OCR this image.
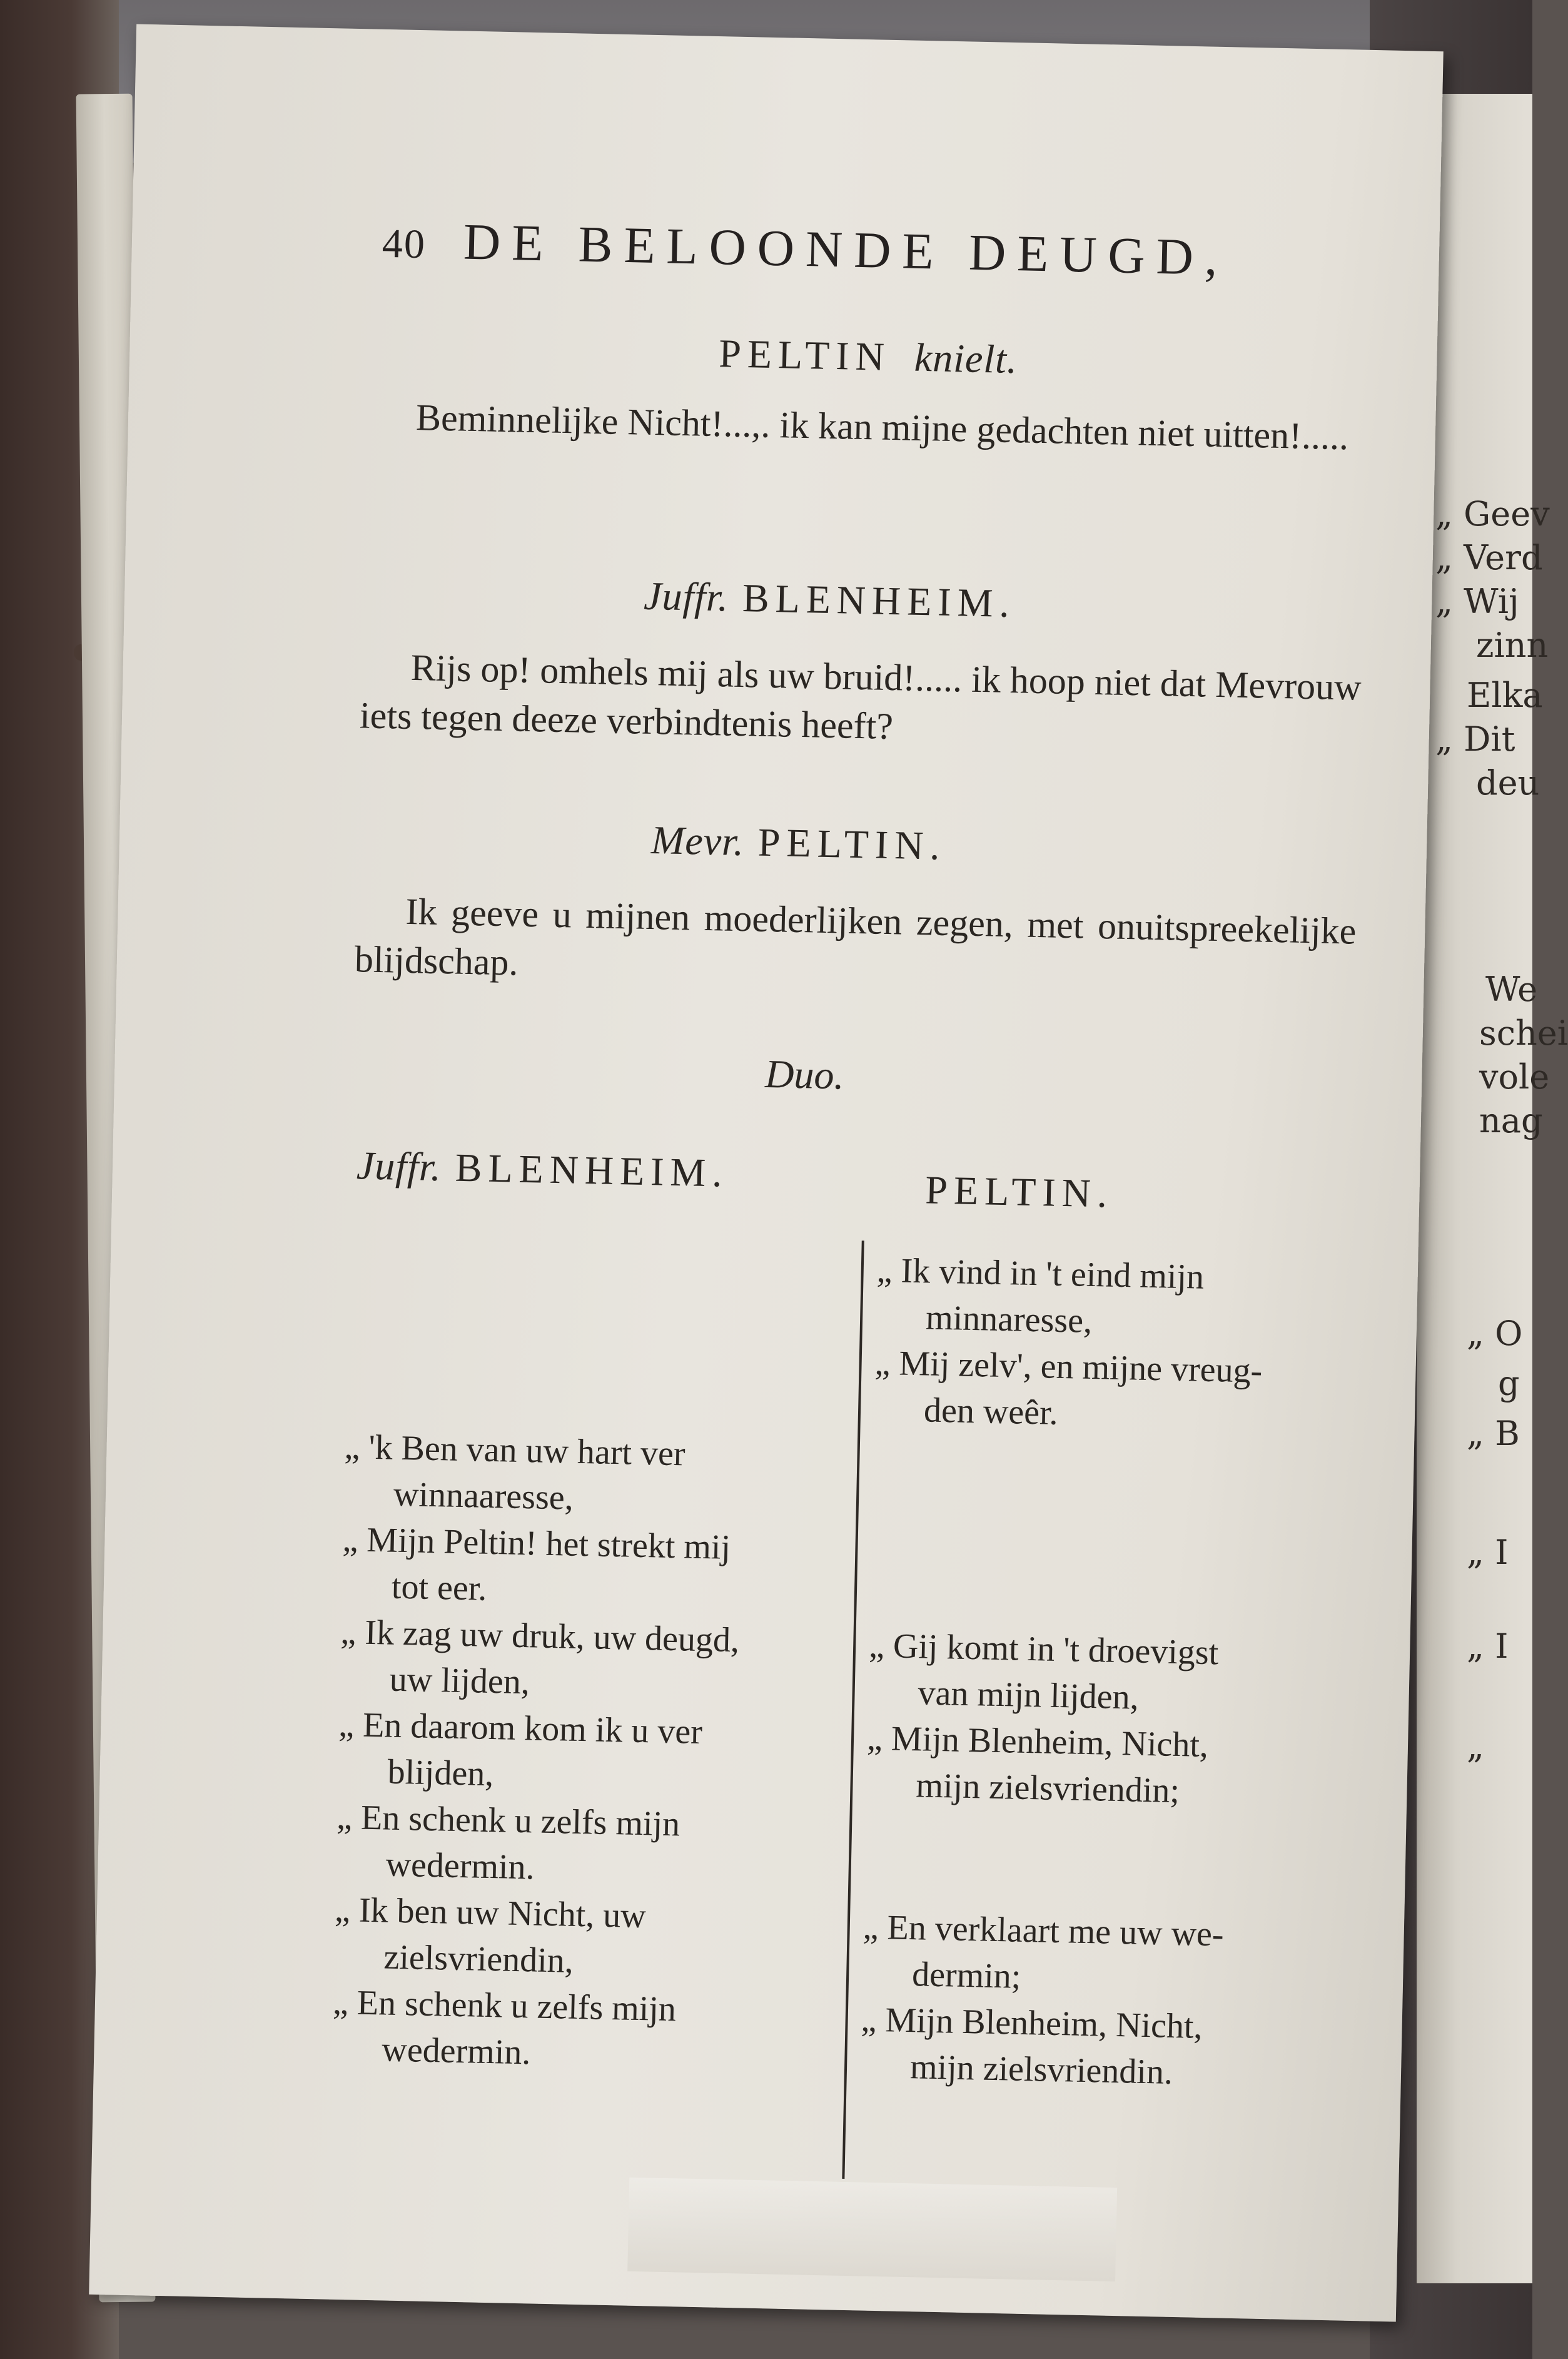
„ Geev
„ Verd
„ Wij
zinn
Elka
„ Dit
deu
We
schei
vole
nag
„ O
g
„ B
„ I
„ I
„
40 DE BELOONDE DEUGD,
PELTIN knielt.

Beminnelijke Nicht!...,. ik kan mijne gedachten niet uitten!.....

Juffr. BLENHEIM.

Rijs op! omhels mij als uw bruid!..... ik hoop niet dat Mevrouw iets tegen deeze verbindtenis heeft?

Mevr. PELTIN.

Ik geeve u mijnen moederlijken zegen, met onuitspreekelijke blijdschap.

Duo.
Juffr. BLENHEIM.	PELTIN.
„ Ik vind in 't eind mijn
minnaresse,
„ Mij zelv', en mijne vreug-
den weêr.
„ 'k Ben van uw hart ver
winnaaresse,
„ Mijn Peltin! het strekt mij
tot eer.
„ Ik zag uw druk, uw deugd,
uw lijden,
„ En daarom kom ik u ver
blijden,
„ En schenk u zelfs mijn
wedermin.
„ Ik ben uw Nicht, uw
zielsvriendin,
„ En schenk u zelfs mijn
wedermin.
„ Gij komt in 't droevigst
van mijn lijden,
„ Mijn Blenheim, Nicht,
mijn zielsvriendin;
„ En verklaart me uw we-
dermin;
„ Mijn Blenheim, Nicht,
mijn zielsvriendin.
